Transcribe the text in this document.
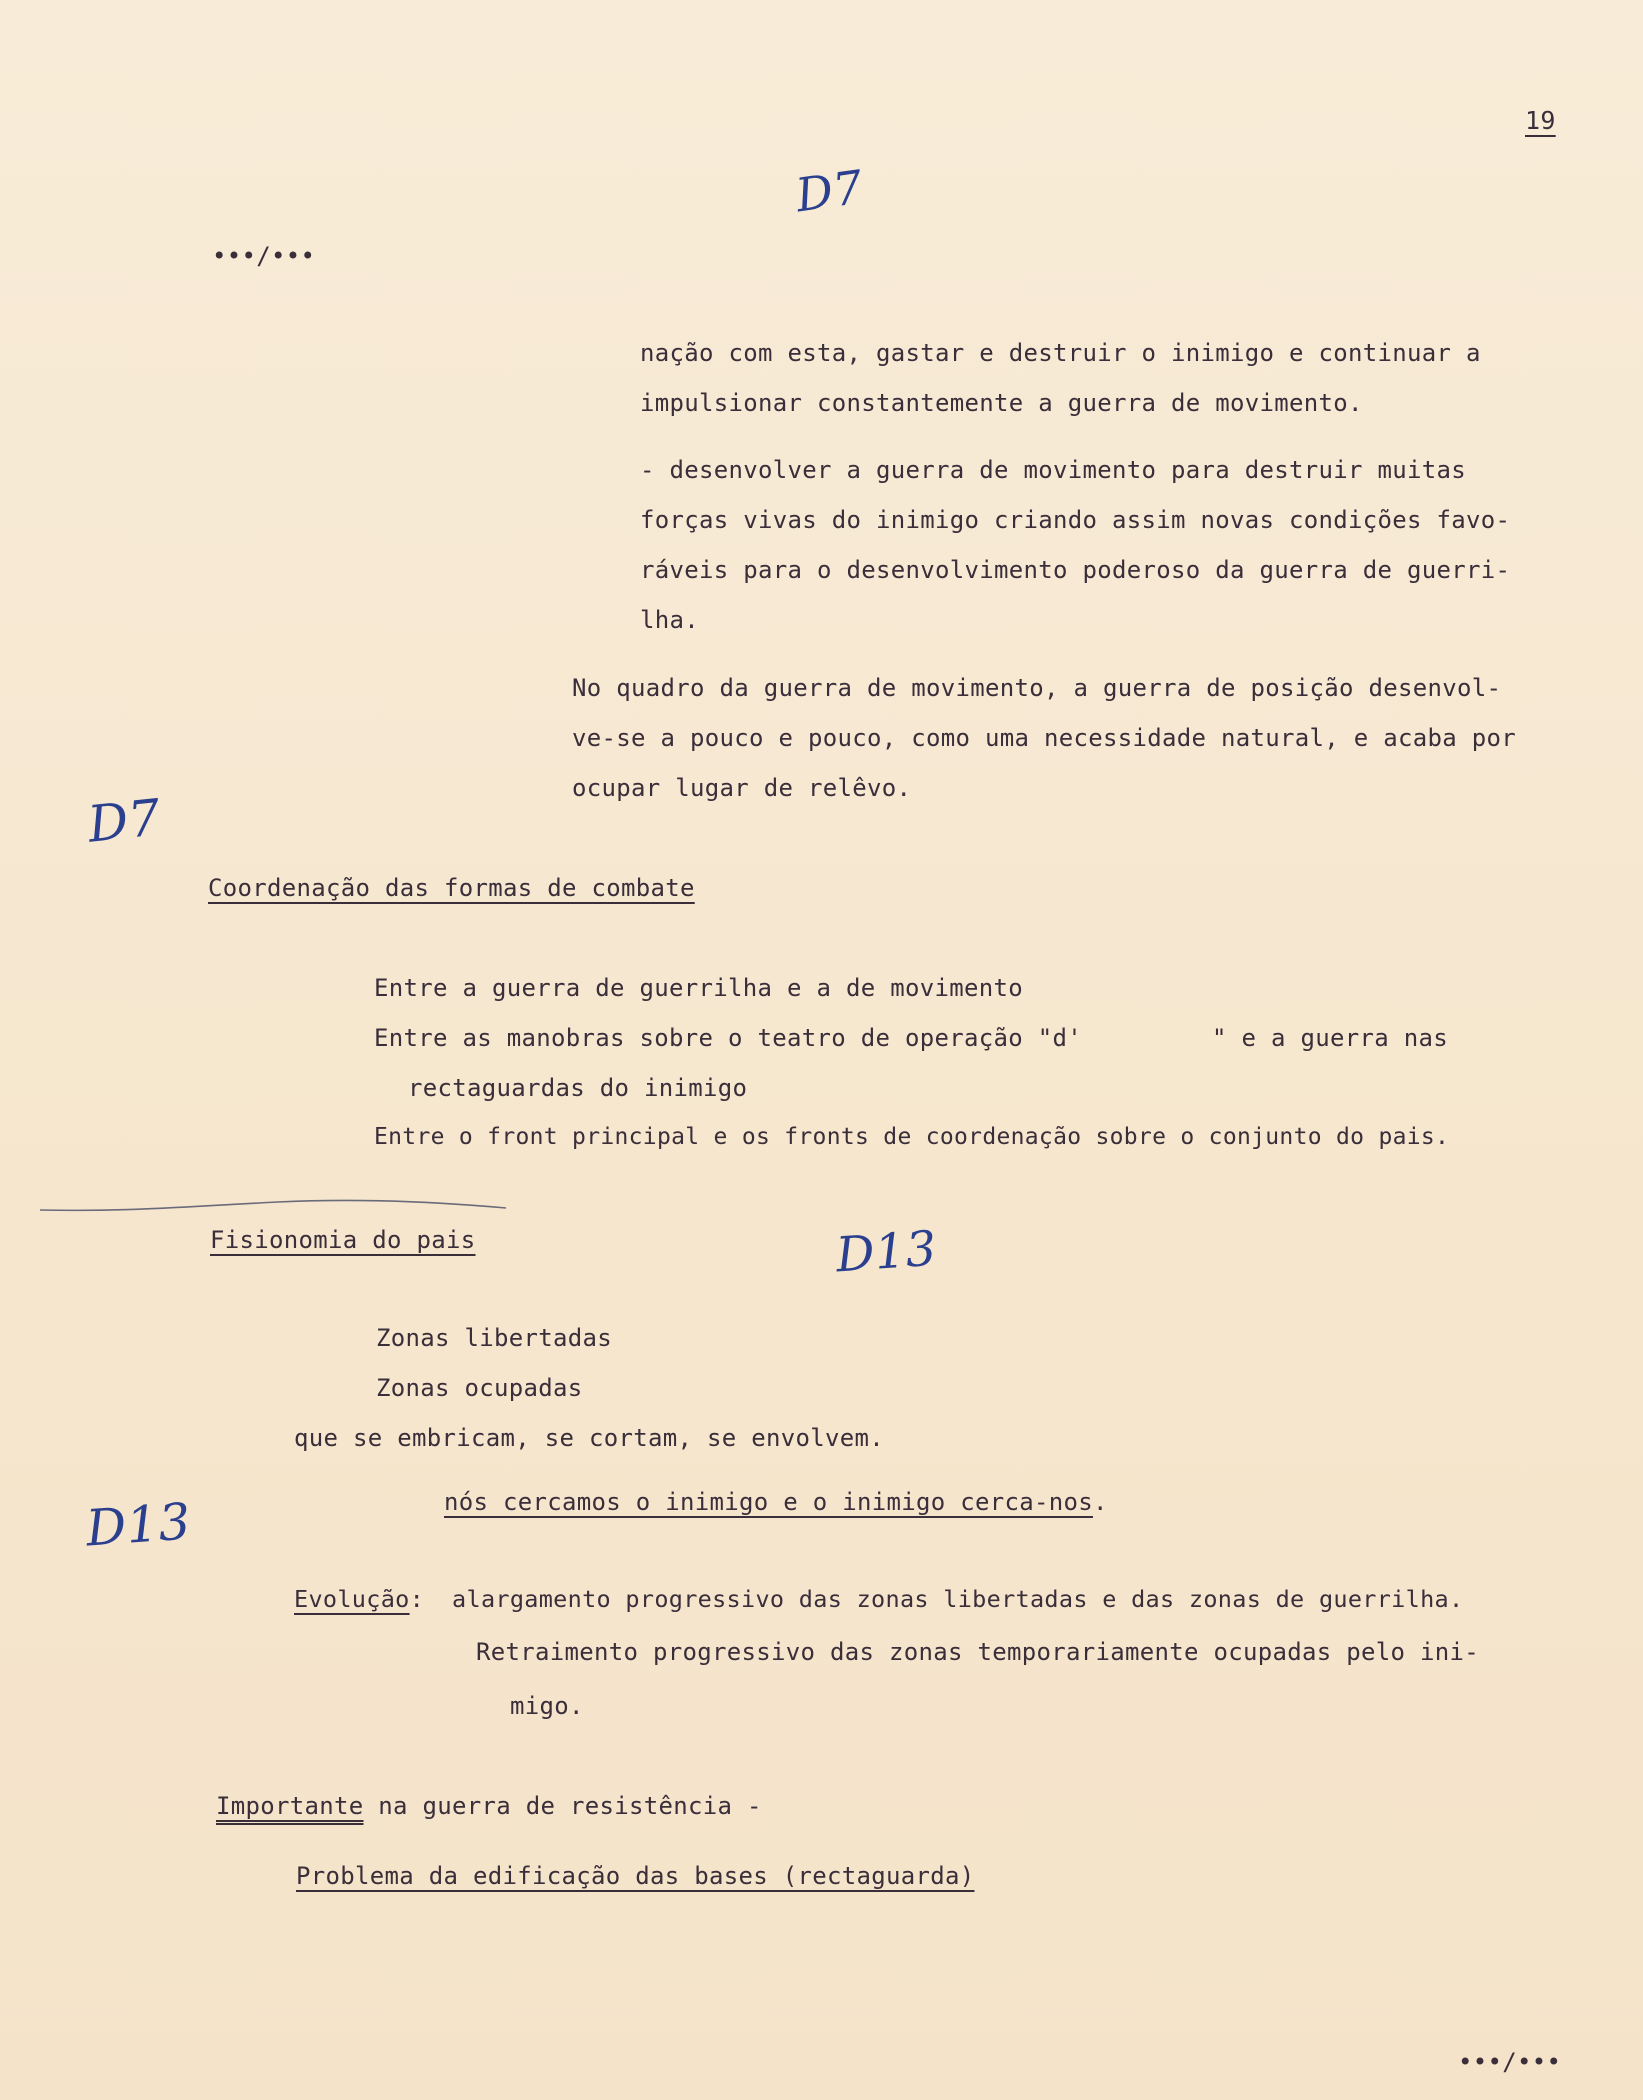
19
D7
•••/•••
nação com esta, gastar e destruir o inimigo e continuar a
impulsionar constantemente a guerra de movimento.
- desenvolver a guerra de movimento para destruir muitas
forças vivas do inimigo criando assim novas condições favo-
ráveis para o desenvolvimento poderoso da guerra de guerri-
lha.
No quadro da guerra de movimento, a guerra de posição desenvol-
ve-se a pouco e pouco, como uma necessidade natural, e acaba por
ocupar lugar de relêvo.
D7
Coordenação das formas de combate
Entre a guerra de guerrilha e a de movimento
Entre as manobras sobre o teatro de operação "d'	" e a guerra nas
rectaguardas do inimigo
Entre o front principal e os fronts de coordenação sobre o conjunto do pais.
Fisionomia do pais	D13
Zonas libertadas
Zonas ocupadas
que se embricam, se cortam, se envolvem.
D13	nós cercamos o inimigo e o inimigo cerca-nos.
Evolução: alargamento progressivo das zonas libertadas e das zonas de guerrilha.
Retraimento progressivo das zonas temporariamente ocupadas pelo ini-
migo.
Importante na guerra de resistência -
Problema da edificação das bases (rectaguarda)
•••/•••
